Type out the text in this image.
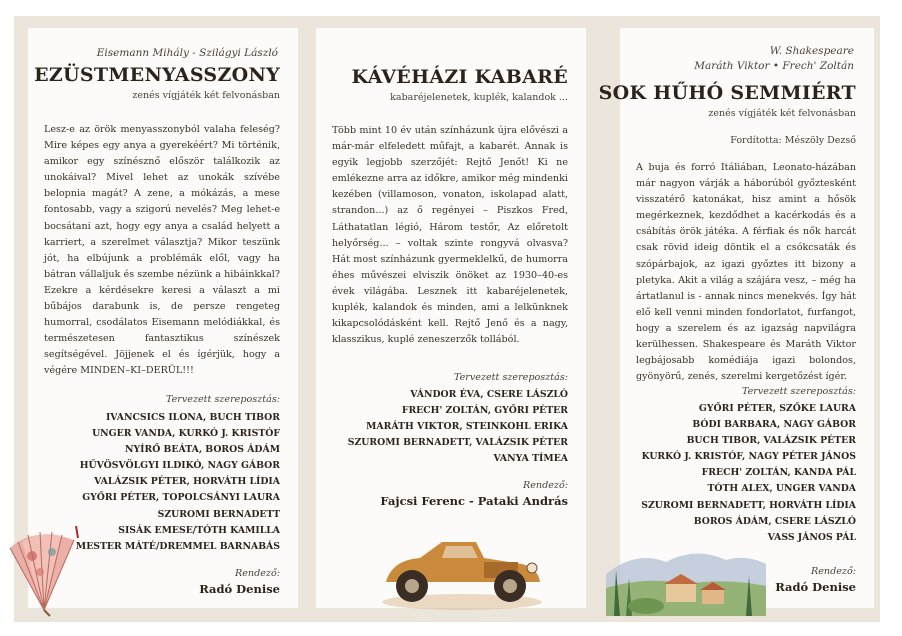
Eisemann Mihály - Szilágyi László
EZÜSTMENYASSZONY
zenés vígjáték két felvonásban
Lesz-e az örök menyasszonyból valaha feleség? Mire képes egy anya a gyerekéért? Mi történik, amikor egy színésznő először találkozik az unokáival? Mivel lehet az unokák szívébe belopnia magát? A zene, a mókázás, a mese fontosabb, vagy a szigorú nevelés? Meg lehet-e bocsátani azt, hogy egy anya a család helyett a karriert, a szerelmet választja? Mikor teszünk jót, ha elbújunk a problémák elől, vagy ha bátran vállaljuk és szembe nézünk a hibáinkkal? Ezekre a kérdésekre keresi a választ a mi bűbájos darabunk is, de persze rengeteg humorral, csodálatos Eisemann melódiákkal, és természetesen fantasztikus színészek segítségével. Jöjjenek el és ígérjük, hogy a végére MINDEN–KI–DERÜL!!!
Tervezett szereposztás:
IVANCSICS ILONA, BUCH TIBOR
UNGER VANDA, KURKÓ J. KRISTÓF
NYÍRŐ BEÁTA, BOROS ÁDÁM
HŰVÖSVÖLGYI ILDIKÓ, NAGY GÁBOR
VALÁZSIK PÉTER, HORVÁTH LÍDIA
GYŐRI PÉTER, TOPOLCSÁNYI LAURA
SZUROMI BERNADETT
SISÁK EMESE/TÓTH KAMILLA
MESTER MÁTÉ/DREMMEL BARNABÁS
Rendező:
Radó Denise
KÁVÉHÁZI KABARÉ
kabaréjelenetek, kuplék, kalandok ...
Több mint 10 év után színházunk újra elővészi a már-már elfeledett műfajt, a kabarét. Annak is egyik legjobb szerzőjét: Rejtő Jenőt! Ki ne emlékezne arra az időkre, amikor még mindenki kezében (villamoson, vonaton, iskolapad alatt, strandon...) az ő regényei – Piszkos Fred, Láthatatlan légió, Három testőr, Az előretolt helyőrség... – voltak szinte rongyvá olvasva? Hát most színházunk gyermeklelkű, de humorra éhes művészei elviszik önöket az 1930–40-es évek világába. Lesznek itt kabaréjelenetek, kuplék, kalandok és minden, ami a lelkünknek kikapcsolódásként kell. Rejtő Jenő és a nagy, klasszikus, kuplé zeneszerzők tollából.
Tervezett szereposztás:
VÁNDOR ÉVA, CSERE LÁSZLÓ
FRECH' ZOLTÁN, GYŐRI PÉTER
MARÁTH VIKTOR, STEINKOHL ERIKA
SZUROMI BERNADETT, VALÁZSIK PÉTER
VANYA TÍMEA
Rendező:
Fajcsi Ferenc - Pataki András
W. Shakespeare
Maráth Viktor • Frech' Zoltán
SOK HŰHÓ SEMMIÉRT
zenés vígjáték két felvonásban
Fordította: Mészöly Dezső
A buja és forró Itáliában, Leonato-házában már nagyon várják a háborúból győztesként visszatérő katonákat, hisz amint a hősök megérkeznek, kezdődhet a kacérkodás és a csábítás örök játéka. A férfiak és nők harcát csak rövid ideig döntik el a csókcsaták és szópárbajok, az igazi győztes itt bizony a pletyka. Akit a világ a szájára vesz, – még ha ártatlanul is - annak nincs menekvés. Így hát elő kell venni minden fondorlatot, furfangot, hogy a szerelem és az igazság napvilágra kerülhessen. Shakespeare és Maráth Viktor legbájosabb komédiája igazi bolondos, gyönyörű, zenés, szerelmi kergetőzést ígér.
Tervezett szereposztás:
GYŐRI PÉTER, SZŐKE LAURA
BÓDI BARBARA, NAGY GÁBOR
BUCH TIBOR, VALÁZSIK PÉTER
KURKÓ J. KRISTÓF, NAGY PÉTER JÁNOS
FRECH' ZOLTÁN, KANDA PÁL
TÓTH ALEX, UNGER VANDA
SZUROMI BERNADETT, HORVÁTH LÍDIA
BOROS ÁDÁM, CSERE LÁSZLÓ
VASS JÁNOS PÁL
Rendező:
Radó Denise
